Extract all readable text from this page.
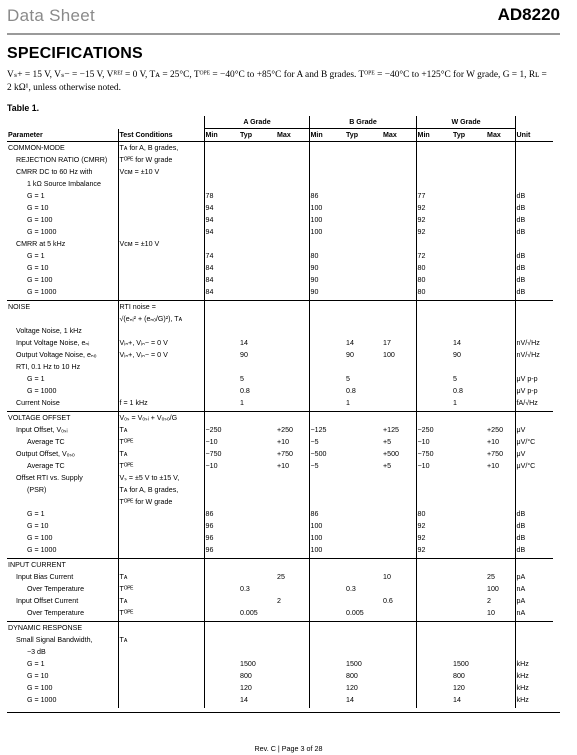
Data Sheet	AD8220
SPECIFICATIONS
Vₛ+ = 15 V, Vₛ− = −15 V, Vᴿᴱᶠ = 0 V, Tᴀ = 25°C, Tᴼᴾᴱ = −40°C to +85°C for A and B grades. Tᴼᴾᴱ = −40°C to +125°C for W grade, G = 1, Rʟ = 2 kΩ¹, unless otherwise noted.
Table 1.
		A Grade			B Grade			W Grade			
Parameter	Test Conditions	Min	Typ	Max	Min	Typ	Max	Min	Typ	Max	Unit
COMMON-MODE	Tᴀ for A, B grades,										
REJECTION RATIO (CMRR)	Tᴼᴾᴱ for W grade										
CMRR DC to 60 Hz with	Vᴄᴍ = ±10 V										
1 kΩ Source Imbalance											
G = 1		78			86			77			dB
G = 10		94			100			92			dB
G = 100		94			100			92			dB
G = 1000		94			100			92			dB
CMRR at 5 kHz	Vᴄᴍ = ±10 V										
G = 1		74			80			72			dB
G = 10		84			90			80			dB
G = 100		84			90			80			dB
G = 1000		84			90			80			dB
NOISE	RTI noise =										
	√(eₙᵢ² + (eₙₒ/G)²), Tᴀ										
Voltage Noise, 1 kHz											
Input Voltage Noise, eₙᵢ	Vᵢₙ+, Vᵢₙ− = 0 V		14			14	17		14		nV/√Hz
Output Voltage Noise, eₙₒ	Vᵢₙ+, Vᵢₙ− = 0 V		90			90	100		90		nV/√Hz
RTI, 0.1 Hz to 10 Hz											
G = 1			5			5			5		μV p-p
G = 1000			0.8			0.8			0.8		μV p-p
Current Noise	f = 1 kHz		1			1			1		fA/√Hz
VOLTAGE OFFSET	Vₒₛ = Vₒₛᵢ + Vₒₛₒ/G										
Input Offset, Vₒₛᵢ	Tᴀ	−250		+250	−125		+125	−250		+250	μV
Average TC	Tᴼᴾᴱ	−10		+10	−5		+5	−10		+10	μV/°C
Output Offset, Vₒₛₒ	Tᴀ	−750		+750	−500		+500	−750		+750	μV
Average TC	Tᴼᴾᴱ	−10		+10	−5		+5	−10		+10	μV/°C
Offset RTI vs. Supply	Vₛ = ±5 V to ±15 V,										
(PSR)	Tᴀ for A, B grades,										
	Tᴼᴾᴱ for W grade										
G = 1		86			86			80			dB
G = 10		96			100			92			dB
G = 100		96			100			92			dB
G = 1000		96			100			92			dB
INPUT CURRENT											
Input Bias Current	Tᴀ			25			10			25	pA
Over Temperature	Tᴼᴾᴱ		0.3			0.3				100	nA
Input Offset Current	Tᴀ			2			0.6			2	pA
Over Temperature	Tᴼᴾᴱ		0.005			0.005				10	nA
DYNAMIC RESPONSE											
Small Signal Bandwidth,	Tᴀ										
−3 dB											
G = 1			1500			1500			1500		kHz
G = 10			800			800			800		kHz
G = 100			120			120			120		kHz
G = 1000			14			14			14		kHz
Rev. C | Page 3 of 28
